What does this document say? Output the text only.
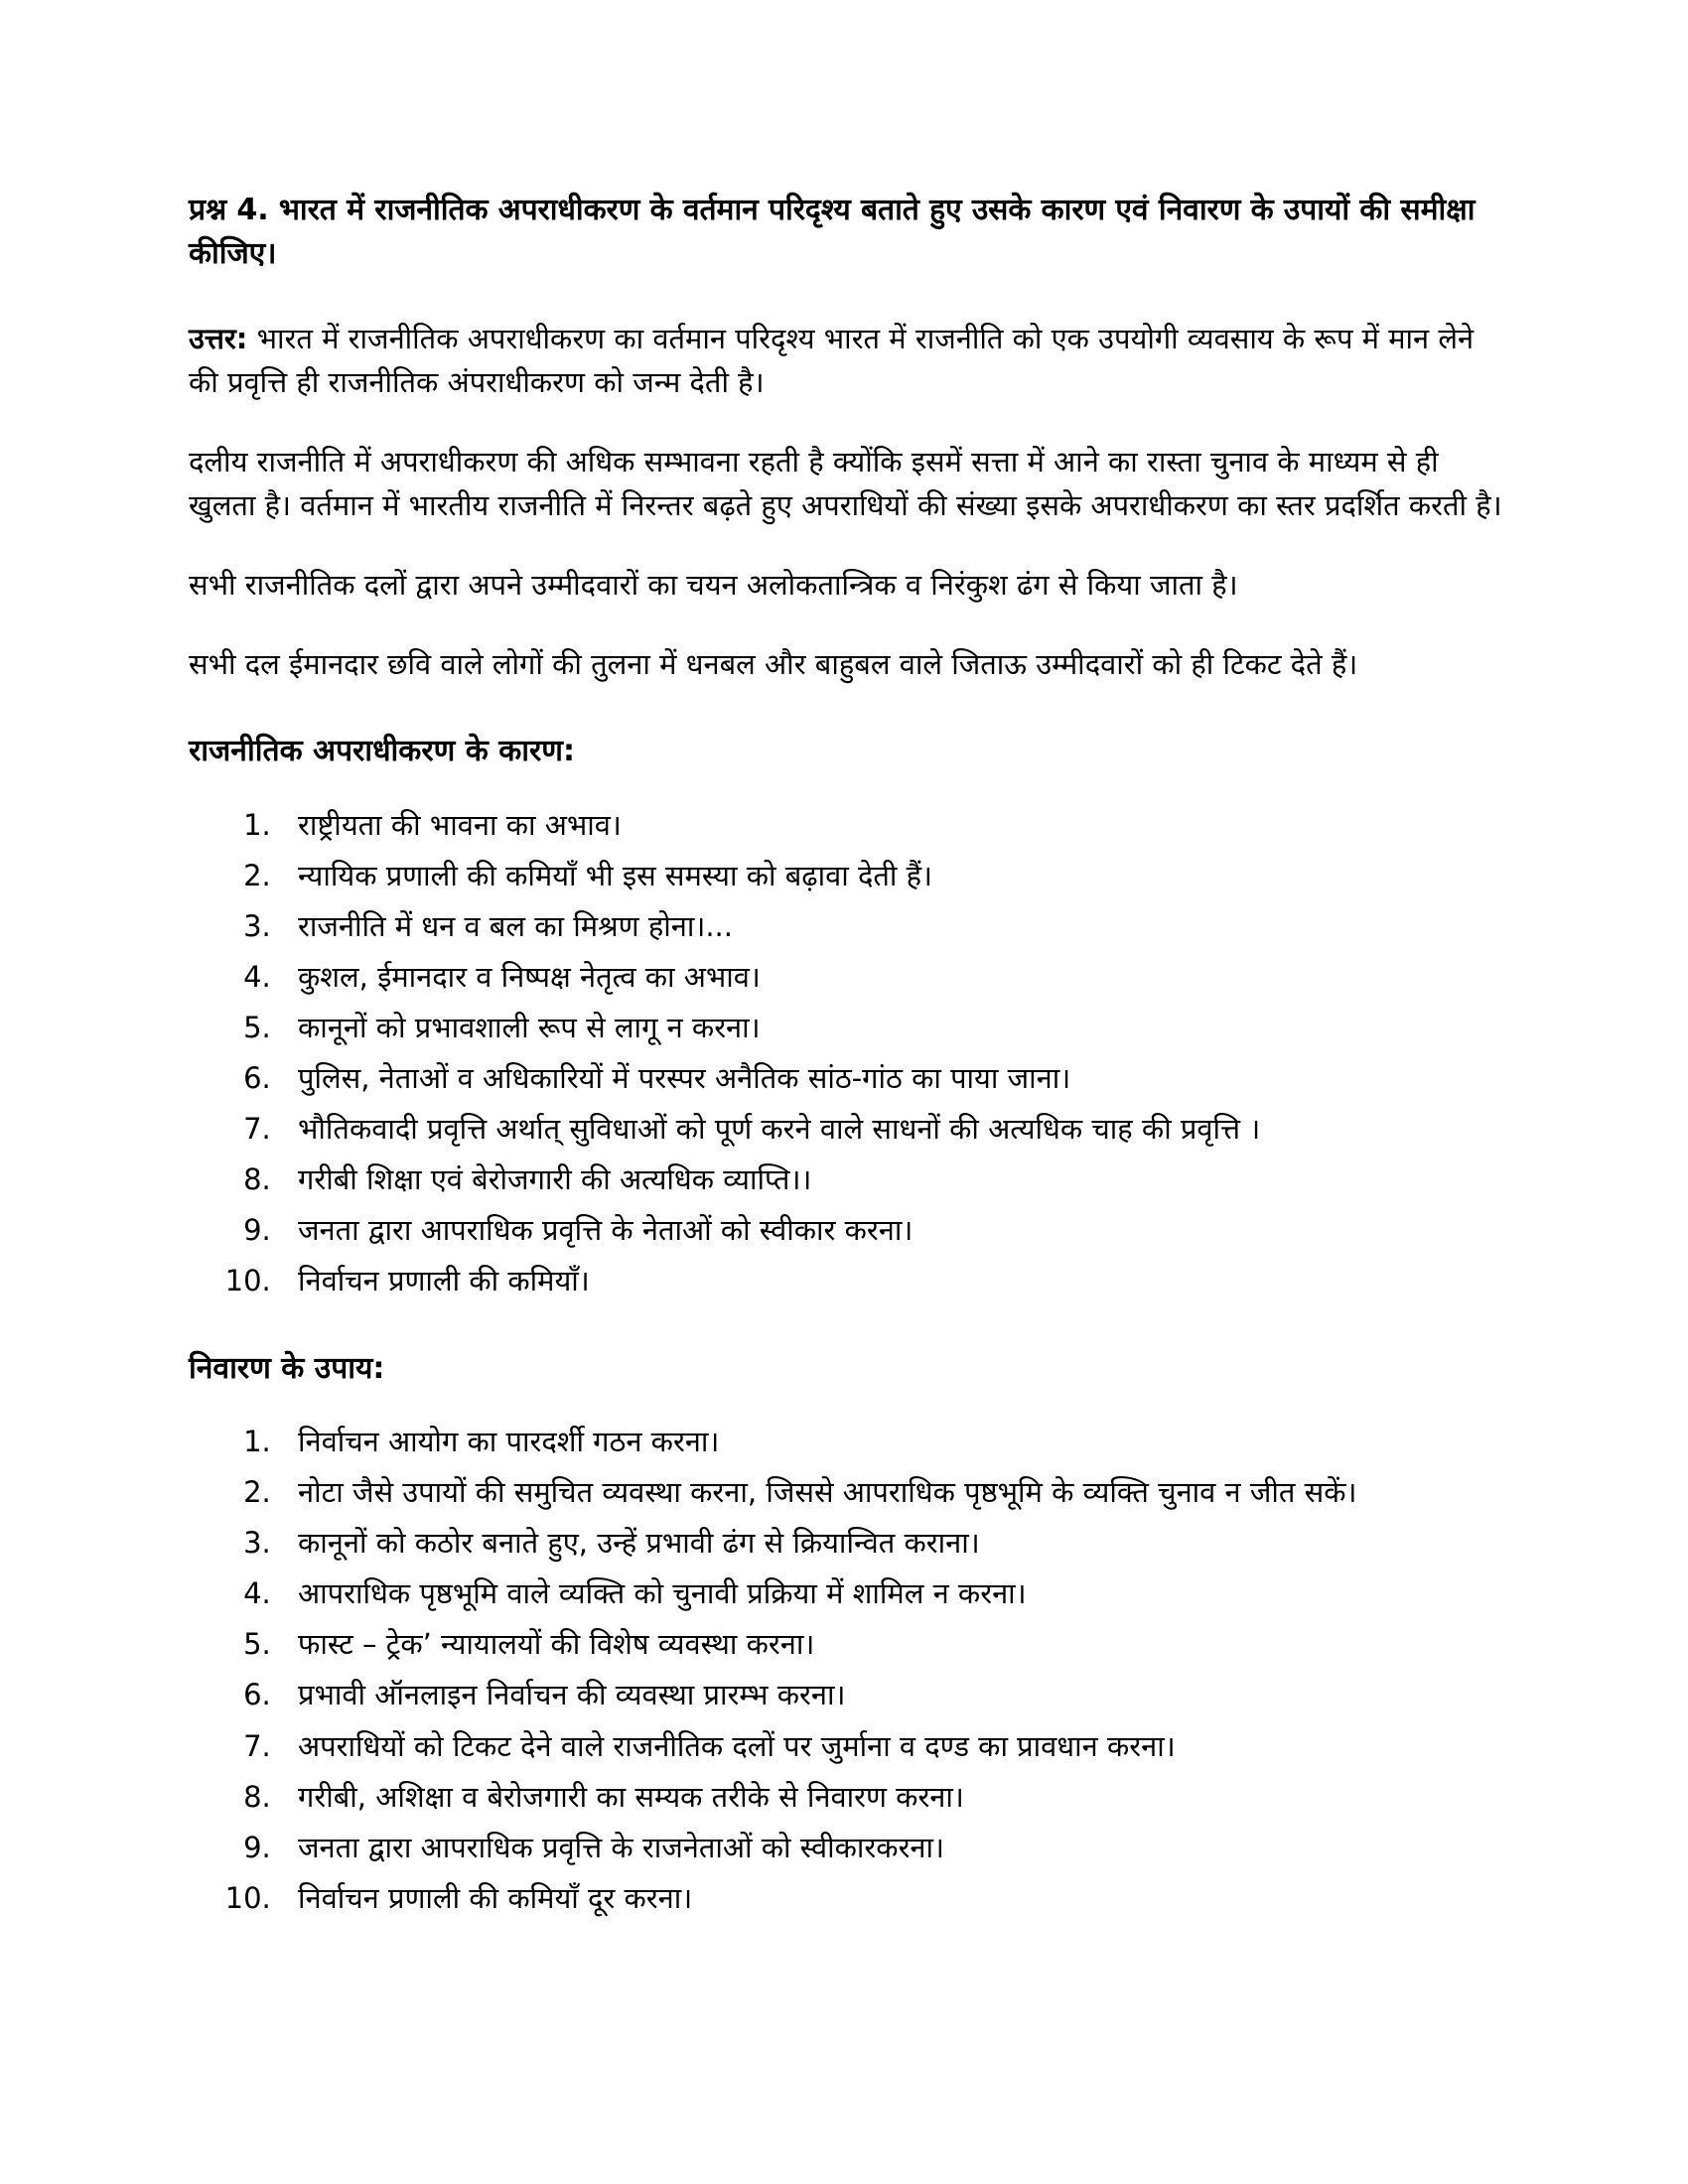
प्रश्न 4. भारत में राजनीतिक अपराधीकरण के वर्तमान परिदृश्य बताते हुए उसके कारण एवं निवारण के उपायों की समीक्षा कीजिए।

उत्तर: भारत में राजनीतिक अपराधीकरण का वर्तमान परिदृश्य भारत में राजनीति को एक उपयोगी व्यवसाय के रूप में मान लेने की प्रवृत्ति ही राजनीतिक अंपराधीकरण को जन्म देती है।

दलीय राजनीति में अपराधीकरण की अधिक सम्भावना रहती है क्योंकि इसमें सत्ता में आने का रास्ता चुनाव के माध्यम से ही खुलता है। वर्तमान में भारतीय राजनीति में निरन्तर बढ़ते हुए अपराधियों की संख्या इसके अपराधीकरण का स्तर प्रदर्शित करती है।

सभी राजनीतिक दलों द्वारा अपने उम्मीदवारों का चयन अलोकतान्त्रिक व निरंकुश ढंग से किया जाता है।

सभी दल ईमानदार छवि वाले लोगों की तुलना में धनबल और बाहुबल वाले जिताऊ उम्मीदवारों को ही टिकट देते हैं।

राजनीतिक अपराधीकरण के कारण:
1. राष्ट्रीयता की भावना का अभाव।
2. न्यायिक प्रणाली की कमियाँ भी इस समस्या को बढ़ावा देती हैं।
3. राजनीति में धन व बल का मिश्रण होना।...
4. कुशल, ईमानदार व निष्पक्ष नेतृत्व का अभाव।
5. कानूनों को प्रभावशाली रूप से लागू न करना।
6. पुलिस, नेताओं व अधिकारियों में परस्पर अनैतिक सांठ-गांठ का पाया जाना।
7. भौतिकवादी प्रवृत्ति अर्थात् सुविधाओं को पूर्ण करने वाले साधनों की अत्यधिक चाह की प्रवृत्ति ।
8. गरीबी शिक्षा एवं बेरोजगारी की अत्यधिक व्याप्ति।।
9. जनता द्वारा आपराधिक प्रवृत्ति के नेताओं को स्वीकार करना।
10. निर्वाचन प्रणाली की कमियाँ।
निवारण के उपाय:
1. निर्वाचन आयोग का पारदर्शी गठन करना।
2. नोटा जैसे उपायों की समुचित व्यवस्था करना, जिससे आपराधिक पृष्ठभूमि के व्यक्ति चुनाव न जीत सकें।
3. कानूनों को कठोर बनाते हुए, उन्हें प्रभावी ढंग से क्रियान्वित कराना।
4. आपराधिक पृष्ठभूमि वाले व्यक्ति को चुनावी प्रक्रिया में शामिल न करना।
5. फास्ट – ट्रेक’ न्यायालयों की विशेष व्यवस्था करना।
6. प्रभावी ऑनलाइन निर्वाचन की व्यवस्था प्रारम्भ करना।
7. अपराधियों को टिकट देने वाले राजनीतिक दलों पर जुर्माना व दण्ड का प्रावधान करना।
8. गरीबी, अशिक्षा व बेरोजगारी का सम्यक तरीके से निवारण करना।
9. जनता द्वारा आपराधिक प्रवृत्ति के राजनेताओं को स्वीकारकरना।
10. निर्वाचन प्रणाली की कमियाँ दूर करना।
